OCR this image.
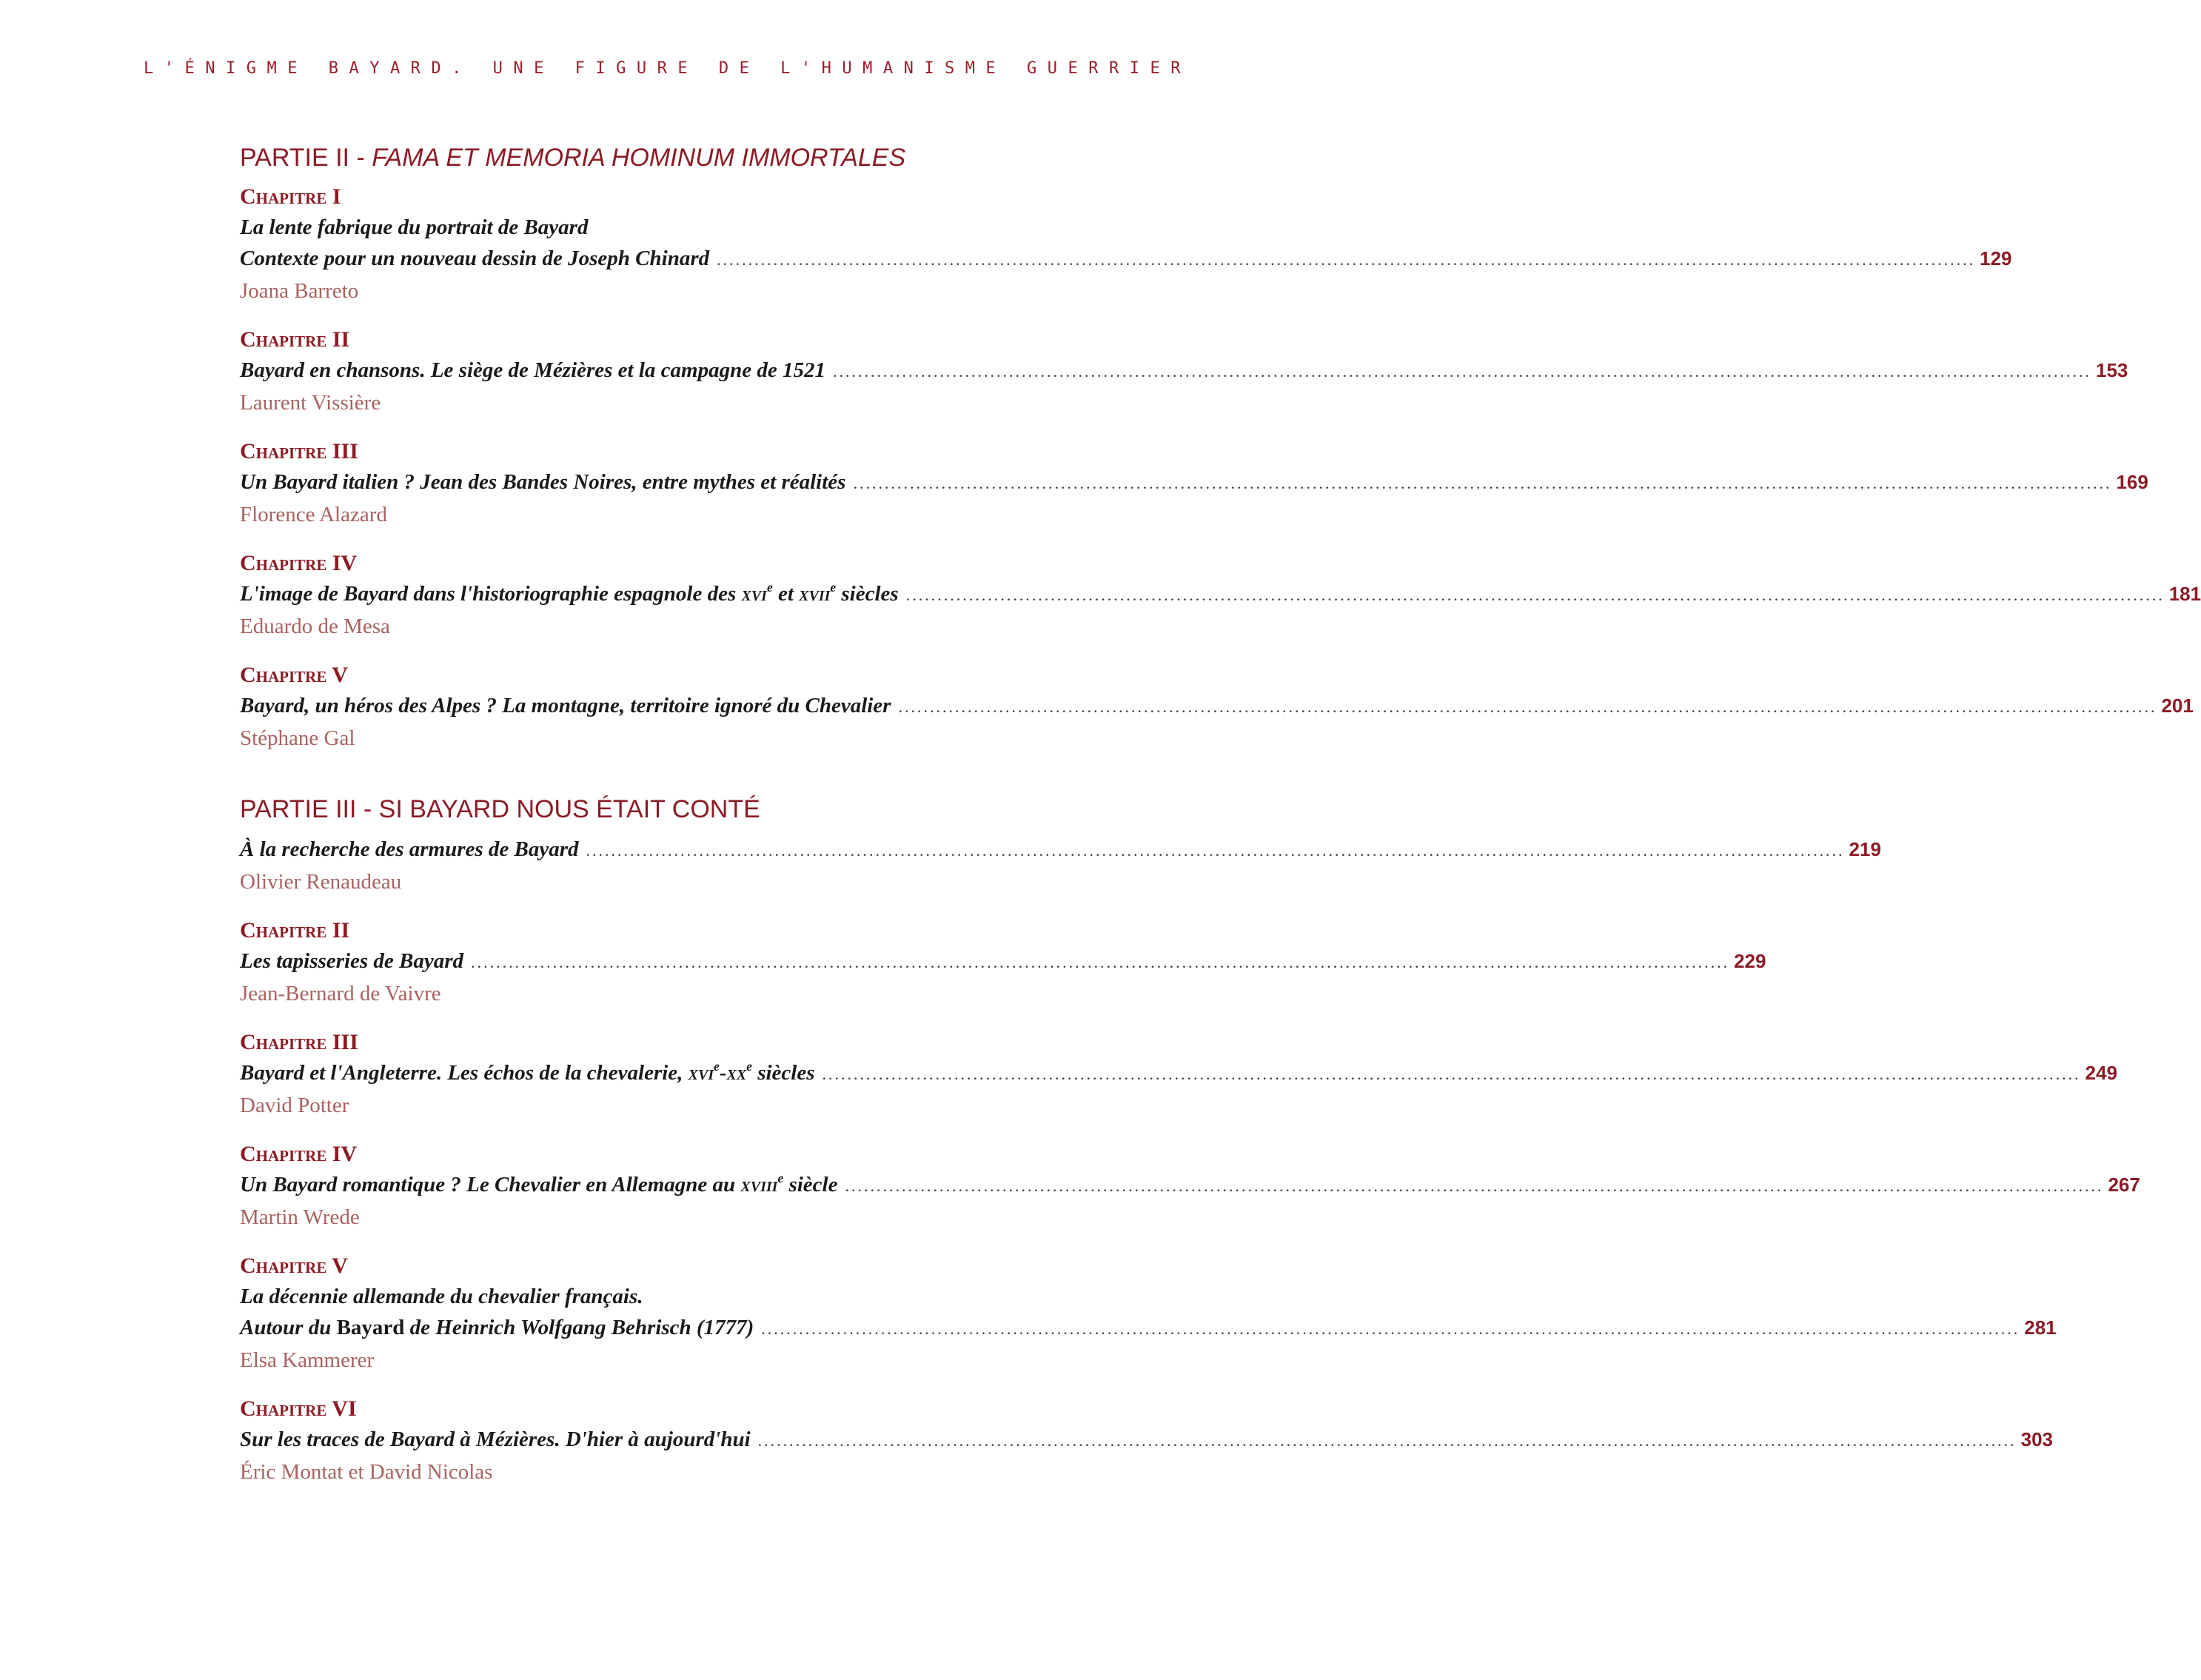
L'ÉNIGME BAYARD. UNE FIGURE DE L'HUMANISME GUERRIER
PARTIE II - FAMA ET MEMORIA HOMINUM IMMORTALES
Chapitre I
La lente fabrique du portrait de Bayard
Contexte pour un nouveau dessin de Joseph Chinard ........................................................................................................................................................................................................ 129
Joana Barreto
Chapitre II
Bayard en chansons. Le siège de Mézières et la campagne de 1521 ........................................................................................................................................................................................................ 153
Laurent Vissière
Chapitre III
Un Bayard italien ? Jean des Bandes Noires, entre mythes et réalités ........................................................................................................................................................................................................ 169
Florence Alazard
Chapitre IV
L'image de Bayard dans l'historiographie espagnole des xvi$^e$ et xvii$^e$ siècles ........................................................................................................................................................................................................ 181
Eduardo de Mesa
Chapitre V
Bayard, un héros des Alpes ? La montagne, territoire ignoré du Chevalier ........................................................................................................................................................................................................ 201
Stéphane Gal
PARTIE III - SI BAYARD NOUS ÉTAIT CONTÉ
À la recherche des armures de Bayard ........................................................................................................................................................................................................ 219
Olivier Renaudeau
Chapitre II
Les tapisseries de Bayard ........................................................................................................................................................................................................ 229
Jean-Bernard de Vaivre
Chapitre III
Bayard et l'Angleterre. Les échos de la chevalerie, $xvi^e-xx^e$ siècles ........................................................................................................................................................................................................ 249
David Potter
Chapitre IV
Un Bayard romantique ? Le Chevalier en Allemagne au xviii$^e$ siècle ........................................................................................................................................................................................................ 267
Martin Wrede
Chapitre V
La décennie allemande du chevalier français.
Autour du Bayard de Heinrich Wolfgang Behrisch (1777) ........................................................................................................................................................................................................ 281
Elsa Kammerer
Chapitre VI
Sur les traces de Bayard à Mézières. D'hier à aujourd'hui ........................................................................................................................................................................................................ 303
Éric Montat et David Nicolas
